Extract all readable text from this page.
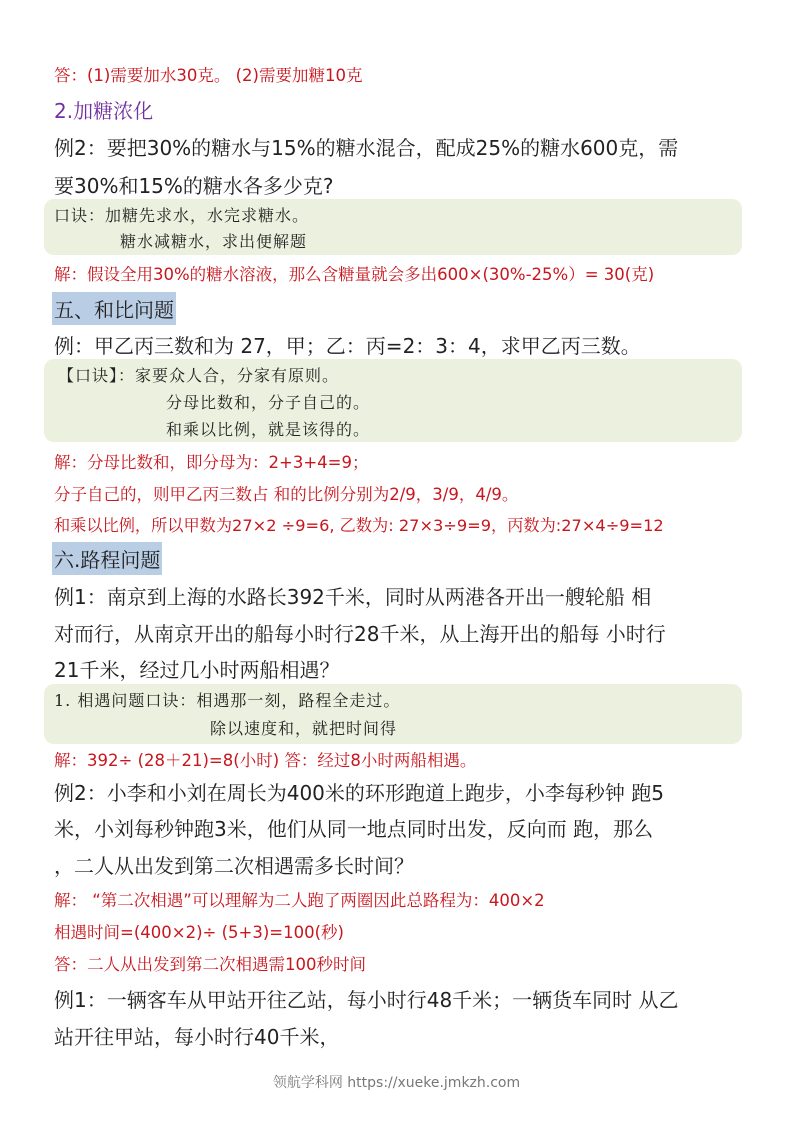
答：(1)需要加水30克。 (2)需要加糖10克
2.加糖浓化
例2：要把30%的糖水与15%的糖水混合，配成25%的糖水600克，需
要30%和15%的糖水各多少克?
口诀：加糖先求水，水完求糖水。
糖水减糖水，求出便解题
解：假设全用30%的糖水溶液，那么含糖量就会多出600×(30%-25%）= 30(克)
五、和比问题
例：甲乙丙三数和为 27，甲；乙：丙=2：3：4，求甲乙丙三数。
【口诀】：家要众人合，分家有原则。
分母比数和，分子自己的。
和乘以比例，就是该得的。
解：分母比数和，即分母为：2+3+4=9；
分子自己的，则甲乙丙三数占 和的比例分别为2/9，3/9，4/9。
和乘以比例，所以甲数为27×2 ÷9=6, 乙数为: 27×3÷9=9，丙数为:27×4÷9=12
六.路程问题
例1：南京到上海的水路长392千米，同时从两港各开出一艘轮船 相
对而行，从南京开出的船每小时行28千米，从上海开出的船每 小时行
21千米，经过几小时两船相遇？
1. 相遇问题口诀：相遇那一刻，路程全走过。
除以速度和，就把时间得
解：392÷ (28＋21)=8(小时) 答：经过8小时两船相遇。
例2：小李和小刘在周长为400米的环形跑道上跑步，小李每秒钟 跑5
米，小刘每秒钟跑3米，他们从同一地点同时出发，反向而 跑，那么
，二人从出发到第二次相遇需多长时间？
解： “第二次相遇”可以理解为二人跑了两圈因此总路程为：400×2
相遇时间=(400×2)÷ (5+3)=100(秒)
答：二人从出发到第二次相遇需100秒时间
例1：一辆客车从甲站开往乙站，每小时行48千米；一辆货车同时 从乙
站开往甲站，每小时行40千米，
领航学科网 https://xueke.jmkzh.com
